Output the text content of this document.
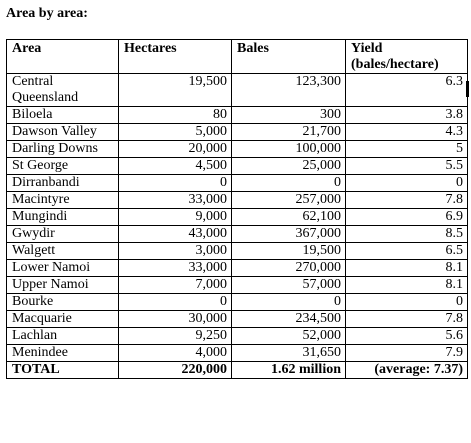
Area by area:
Area	Hectares	Bales	Yield
(bales/hectare)
Central Queensland	19,500	123,300	6.3
Biloela	80	300	3.8
Dawson Valley	5,000	21,700	4.3
Darling Downs	20,000	100,000	5
St George	4,500	25,000	5.5
Dirranbandi	0	0	0
Macintyre	33,000	257,000	7.8
Mungindi	9,000	62,100	6.9
Gwydir	43,000	367,000	8.5
Walgett	3,000	19,500	6.5
Lower Namoi	33,000	270,000	8.1
Upper Namoi	7,000	57,000	8.1
Bourke	0	0	0
Macquarie	30,000	234,500	7.8
Lachlan	9,250	52,000	5.6
Menindee	4,000	31,650	7.9
TOTAL	220,000	1.62 million	(average: 7.37)
